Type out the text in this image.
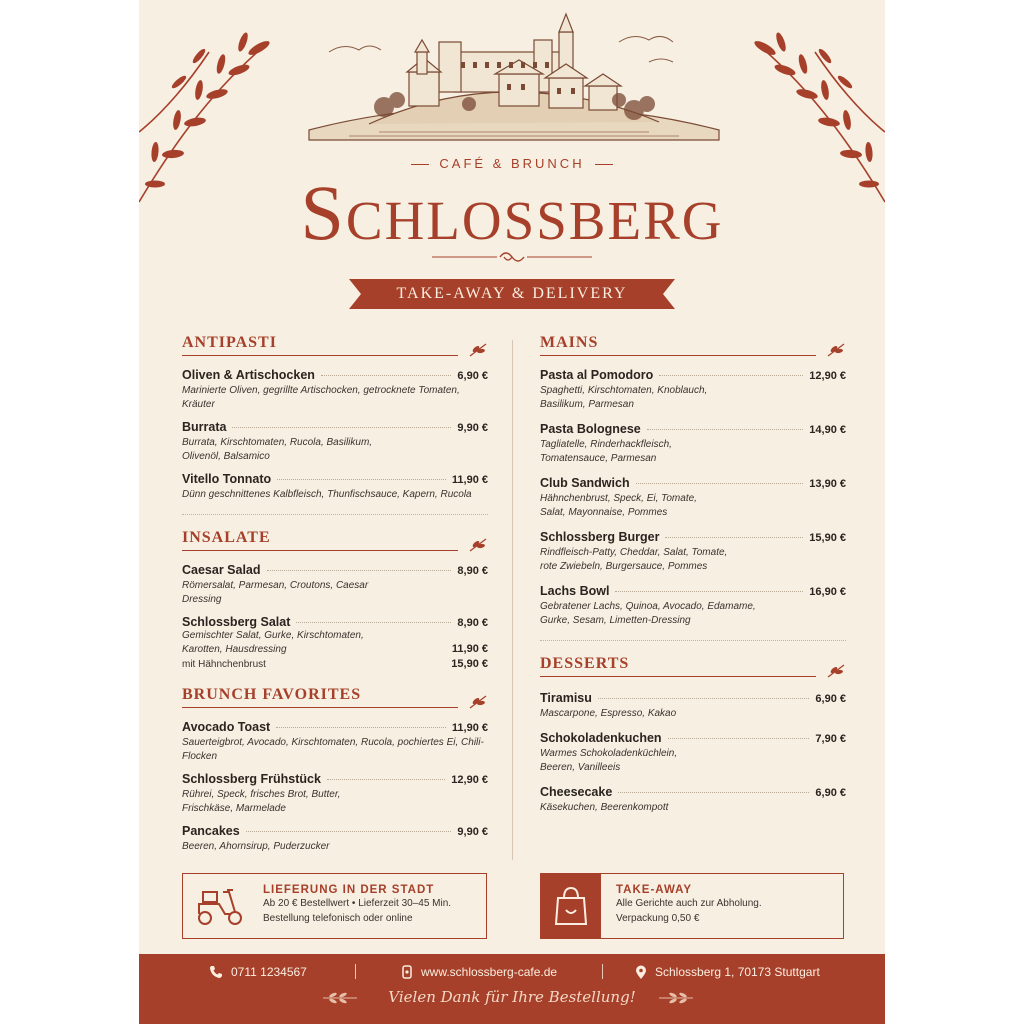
CAFÉ & BRUNCH
Schlossberg
TAKE-AWAY & DELIVERY
ANTIPASTI
Oliven & Artischocken	6,90 €
Marinierte Oliven, gegrillte Artischocken, getrocknete Tomaten, Kräuter
Burrata	9,90 €
Burrata, Kirschtomaten, Rucola, Basilikum, Olivenöl, Balsamico
Vitello Tonnato	11,90 €
Dünn geschnittenes Kalbfleisch, Thunfischsauce, Kapern, Rucola
INSALATE
Caesar Salad	8,90 €
Römersalat, Parmesan, Croutons, Caesar Dressing
Schlossberg Salat	8,90 €
Gemischter Salat, Gurke, Kirschtomaten, Karotten, Hausdressing	11,90 €
mit Hähnchenbrust	15,90 €
BRUNCH FAVORITES
Avocado Toast	11,90 €
Sauerteigbrot, Avocado, Kirschtomaten, Rucola, pochiertes Ei, Chili-Flocken
Schlossberg Frühstück	12,90 €
Rührei, Speck, frisches Brot, Butter, Frischkäse, Marmelade
Pancakes	9,90 €
Beeren, Ahornsirup, Puderzucker
MAINS
Pasta al Pomodoro	12,90 €
Spaghetti, Kirschtomaten, Knoblauch, Basilikum, Parmesan
Pasta Bolognese	14,90 €
Tagliatelle, Rinderhackfleisch, Tomatensauce, Parmesan
Club Sandwich	13,90 €
Hähnchenbrust, Speck, Ei, Tomate, Salat, Mayonnaise, Pommes
Schlossberg Burger	15,90 €
Rindfleisch-Patty, Cheddar, Salat, Tomate, rote Zwiebeln, Burgersauce, Pommes
Lachs Bowl	16,90 €
Gebratener Lachs, Quinoa, Avocado, Edamame, Gurke, Sesam, Limetten-Dressing
DESSERTS
Tiramisu	6,90 €
Mascarpone, Espresso, Kakao
Schokoladenkuchen	7,90 €
Warmes Schokoladenküchlein, Beeren, Vanilleeis
Cheesecake	6,90 €
Käsekuchen, Beerenkompott
LIEFERUNG IN DER STADT
Ab 20 € Bestellwert • Lieferzeit 30–45 Min.
Bestellung telefonisch oder online
TAKE-AWAY
Alle Gerichte auch zur Abholung.
Verpackung 0,50 €
0711 1234567	www.schlossberg-cafe.de	Schlossberg 1, 70173 Stuttgart
Vielen Dank für Ihre Bestellung!
